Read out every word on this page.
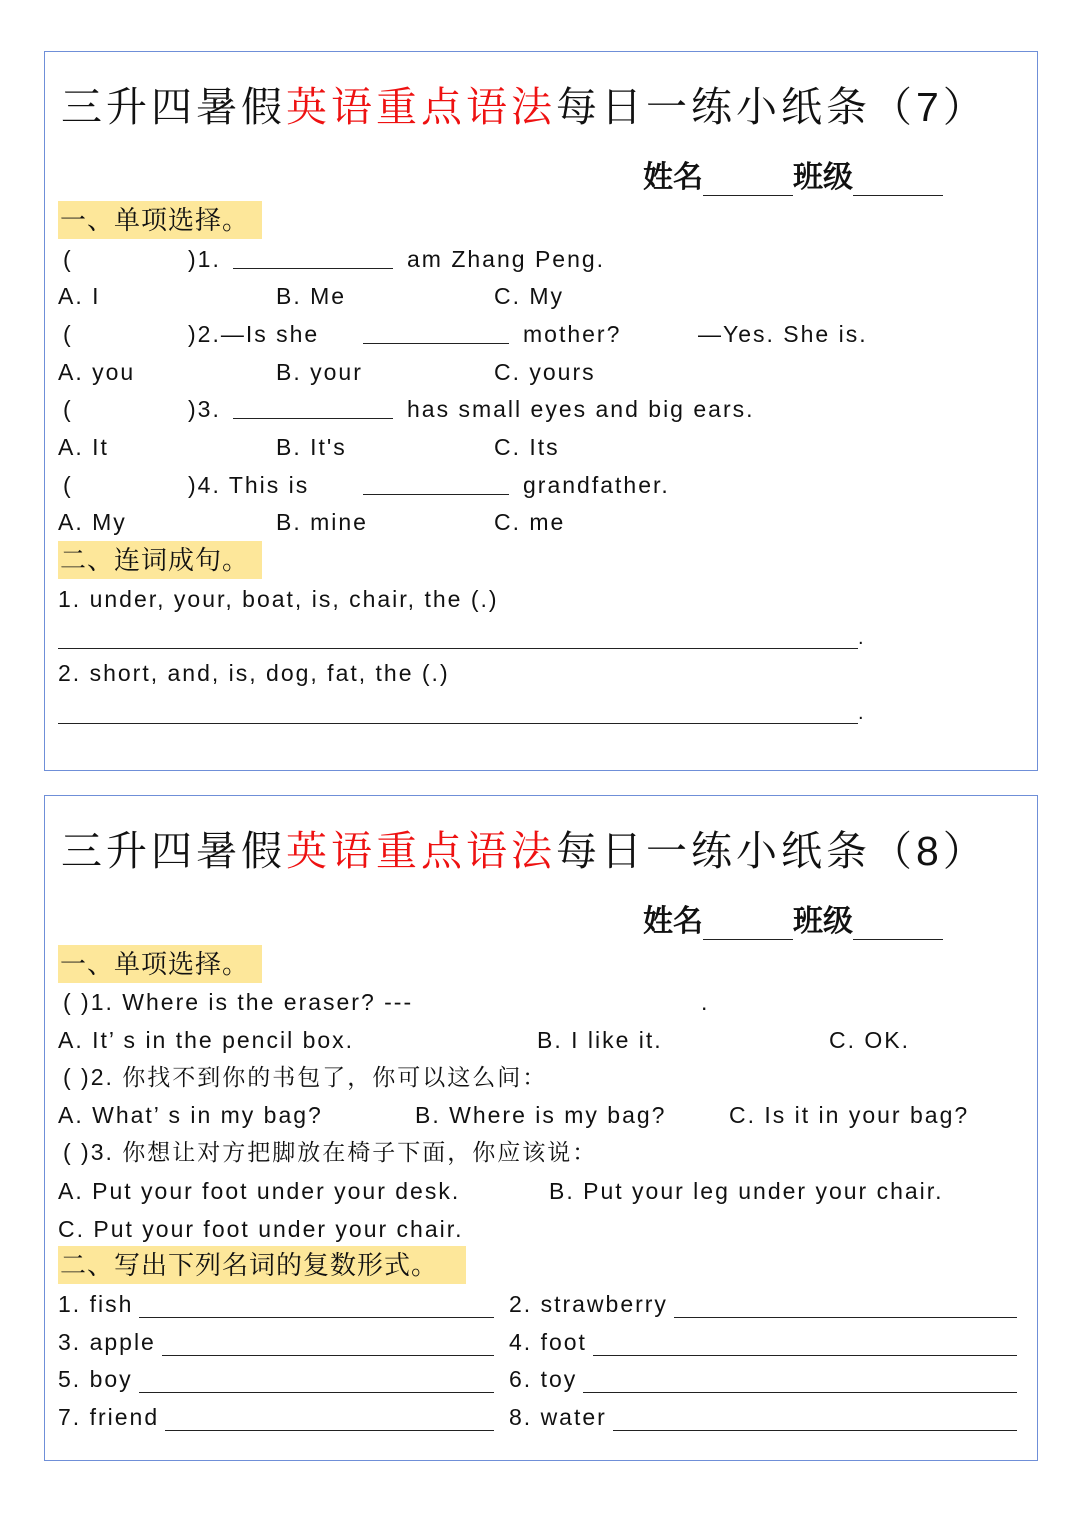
三升四暑假英语重点语法每日一练小纸条（7）
姓名	班级
一、单项选择。
(	)1.	am Zhang Peng.
A. I	B. Me	C. My
(	)2.—Is she	mother?	—Yes. She is.
A. you	B. your	C. yours
(	)3.	has small eyes and big ears.
A. It	B. It's	C. Its
(	)4. This is	grandfather.
A. My	B. mine	C. me
二、连词成句。
1. under, your, boat, is, chair, the (.)
.
2. short, and, is, dog, fat, the (.)
.
三升四暑假英语重点语法每日一练小纸条（8）
姓名	班级
一、单项选择。
( )1. Where is the eraser? ---	.
A. It’ s in the pencil box.	B. I like it.	C. OK.
( )2. 你找不到你的书包了，你可以这么问：
A. What’ s in my bag?	B. Where is my bag?	C. Is it in your bag?
( )3. 你想让对方把脚放在椅子下面，你应该说：
A. Put your foot under your desk.	B. Put your leg under your chair.
C. Put your foot under your chair.
二、写出下列名词的复数形式。
1. fish	2. strawberry
3. apple	4. foot
5. boy	6. toy
7. friend	8. water
